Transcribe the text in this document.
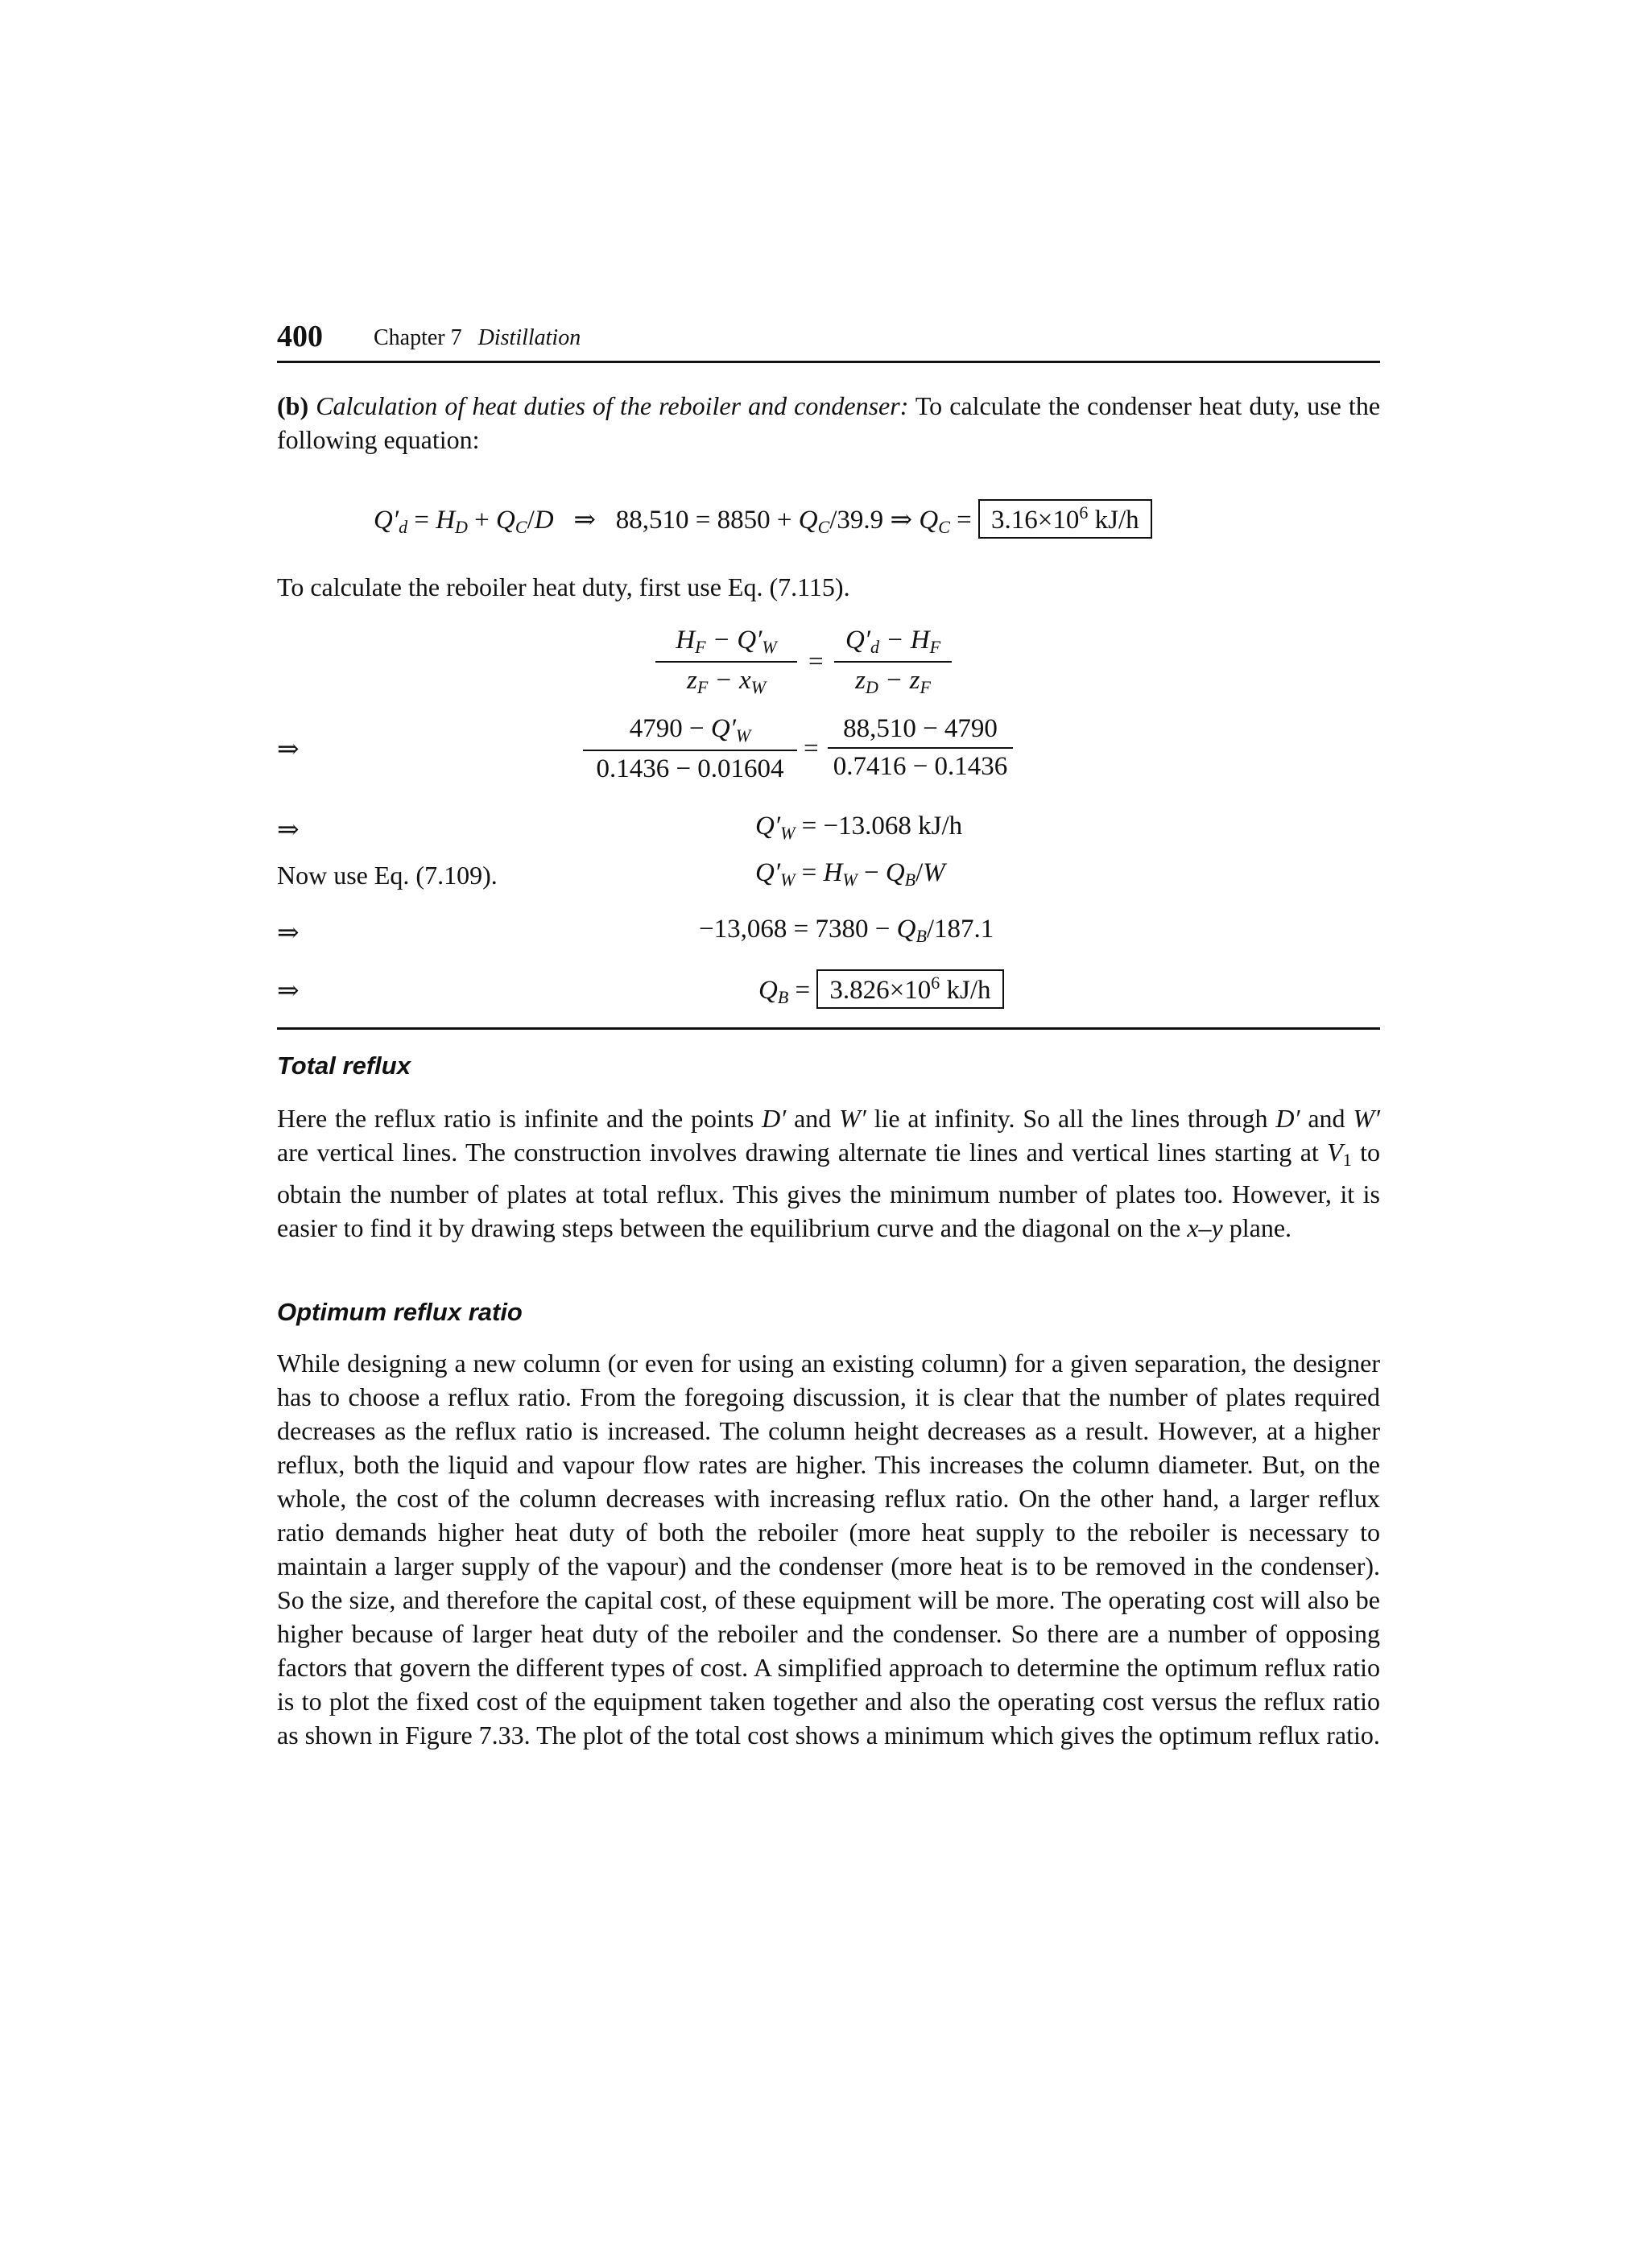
400 Chapter 7 Distillation
(b) Calculation of heat duties of the reboiler and condenser: To calculate the condenser heat duty, use the following equation:
$Q'_d = H_D + Q_C/D$   ⇒   $88,510 = 8850 + Q_C/39.9$ ⇒ $Q_C = 3.16\times 10^6$ kJ/h
To calculate the reboiler heat duty, first use Eq. (7.115).
$H_F - Q'_W$
$z_F - x_W$
=
$Q'_d - H_F$
$z_D - z_F$
⇒
$4790 - Q'_W$
0.1436 − 0.01604
=
88,510 − 4790
0.7416 − 0.1436
⇒	$Q'_W = -13.068$ kJ/h
Now use Eq. (7.109).	$Q'_W = H_W - Q_B/W$
⇒	$-13,068 = 7380 - Q_B/187.1$
⇒	$Q_B = 3.826\times 10^6$ kJ/h
Total reflux
Here the reflux ratio is infinite and the points D′ and W′ lie at infinity. So all the lines through D′ and W′ are vertical lines. The construction involves drawing alternate tie lines and vertical lines starting at $V_1$ to obtain the number of plates at total reflux. This gives the minimum number of plates too. However, it is easier to find it by drawing steps between the equilibrium curve and the diagonal on the x–y plane.
Optimum reflux ratio
While designing a new column (or even for using an existing column) for a given separation, the designer has to choose a reflux ratio. From the foregoing discussion, it is clear that the number of plates required decreases as the reflux ratio is increased. The column height decreases as a result. However, at a higher reflux, both the liquid and vapour flow rates are higher. This increases the column diameter. But, on the whole, the cost of the column decreases with increasing reflux ratio. On the other hand, a larger reflux ratio demands higher heat duty of both the reboiler (more heat supply to the reboiler is necessary to maintain a larger supply of the vapour) and the condenser (more heat is to be removed in the condenser). So the size, and therefore the capital cost, of these equipment will be more. The operating cost will also be higher because of larger heat duty of the reboiler and the condenser. So there are a number of opposing factors that govern the different types of cost. A simplified approach to determine the optimum reflux ratio is to plot the fixed cost of the equipment taken together and also the operating cost versus the reflux ratio as shown in Figure 7.33. The plot of the total cost shows a minimum which gives the optimum reflux ratio.
